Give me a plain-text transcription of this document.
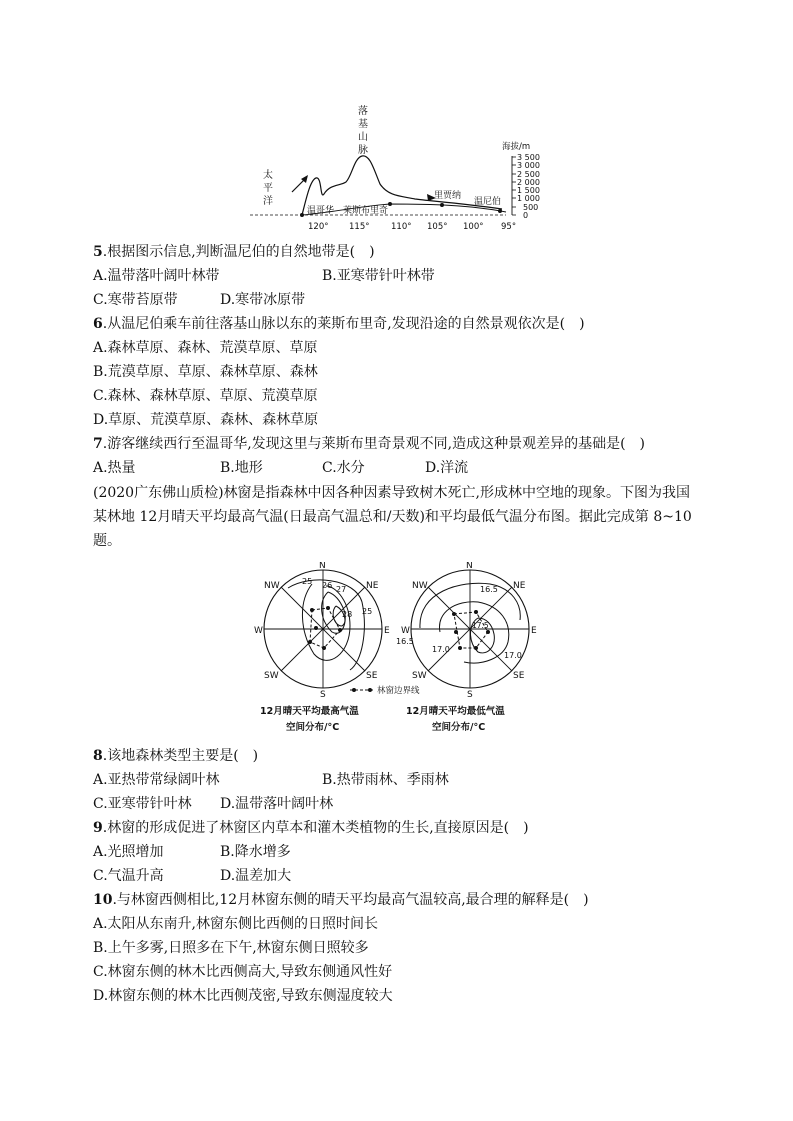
太
平
洋
落
基
山
脉
温哥华 莱斯布里奇
里贾纳
温尼伯
120° 115°	110° 105° 100° 95°
海拔/m
3 500
3 000
2 500
2 000
1 500
1 000
500
0
5.根据图示信息,判断温尼伯的自然地带是(　)
A.温带落叶阔叶林带	B.亚寒带针叶林带
C.寒带苔原带	D.寒带冰原带
6.从温尼伯乘车前往落基山脉以东的莱斯布里奇,发现沿途的自然景观依次是(　)
A.森林草原、森林、荒漠草原、草原
B.荒漠草原、草原、森林草原、森林
C.森林、森林草原、草原、荒漠草原
D.草原、荒漠草原、森林、森林草原
7.游客继续西行至温哥华,发现这里与莱斯布里奇景观不同,造成这种景观差异的基础是(　)
A.热量	B.地形	C.水分	D.洋流
(2020广东佛山质检)林窗是指森林中因各种因素导致树木死亡,形成林中空地的现象。下图为我国某林地 12月晴天平均最高气温(日最高气温总和/天数)和平均最低气温分布图。据此完成第 8~10题。
N
NE
E
SE
S
SW
W
NW	25 26 27
28 25
N
NE
E
SE
S
SW
W
NW	16.5
17.5
17.0
16.5
17.0
林窗边界线
12月晴天平均最高气温
空间分布/°C
12月晴天平均最低气温
空间分布/°C
8.该地森林类型主要是(　)
A.亚热带常绿阔叶林	B.热带雨林、季雨林
C.亚寒带针叶林 D.温带落叶阔叶林
9.林窗的形成促进了林窗区内草本和灌木类植物的生长,直接原因是(　)
A.光照增加	B.降水增多
C.气温升高	D.温差加大
10.与林窗西侧相比,12月林窗东侧的晴天平均最高气温较高,最合理的解释是(　)
A.太阳从东南升,林窗东侧比西侧的日照时间长
B.上午多雾,日照多在下午,林窗东侧日照较多
C.林窗东侧的林木比西侧高大,导致东侧通风性好
D.林窗东侧的林木比西侧茂密,导致东侧湿度较大
